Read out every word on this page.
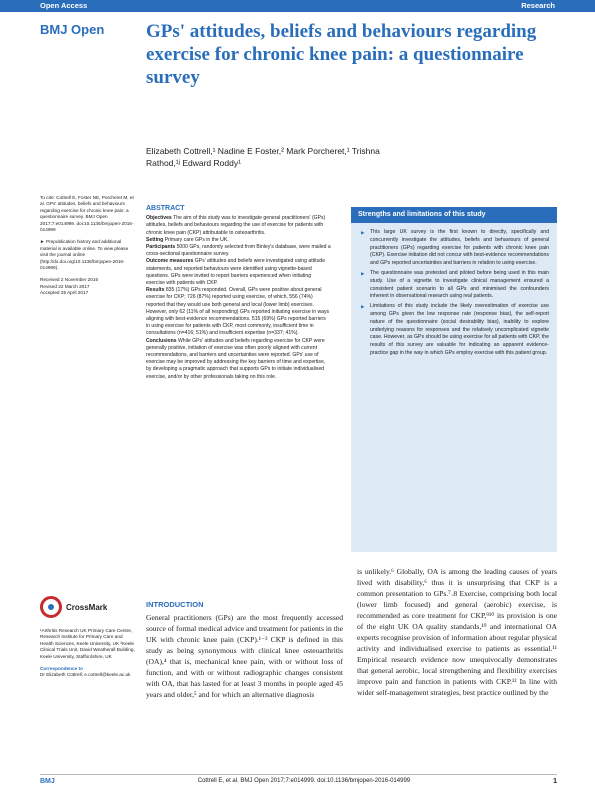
Open Access	Research
BMJ Open GPs' attitudes, beliefs and behaviours regarding exercise for chronic knee pain: a questionnaire survey
Elizabeth Cottrell,¹ Nadine E Foster,² Mark Porcheret,¹ Trishna Rathod,¹ʲ Edward Roddy¹

To cite: Cottrell E, Foster NE, Porcheret M, et al. GPs' attitudes, beliefs and behaviours regarding exercise for chronic knee pain: a questionnaire survey. BMJ Open 2017;7:e014999. doi:10.1136/bmjopen-2016-014999

► Prepublication history and additional material is available online. To view please visit the journal online (http://dx.doi.org/10.1136/bmjopen-2016-014999).

Received 2 November 2016

Revised 22 March 2017

Accepted 25 April 2017

CrossMark

¹Arthritis Research UK Primary Care Centre, Research Institute for Primary Care and Health Sciences, Keele University, UK ²Keele Clinical Trials Unit, David Weatherall Building, Keele University, Staffordshire, UK

Correspondence to

Dr Elizabeth Cottrell; e.cottrell@keele.ac.uk

ABSTRACT

Objectives The aim of this study was to investigate general practitioners' (GPs) attitudes, beliefs and behaviours regarding the use of exercise for patients with chronic knee pain (CKP) attributable to osteoarthritis.

Setting Primary care GPs in the UK.

Participants 5000 GPs, randomly selected from Binley's database, were mailed a cross-sectional questionnaire survey.

Outcome measures GPs' attitudes and beliefs were investigated using attitude statements, and reported behaviours were identified using vignette-based questions. GPs were invited to report barriers experienced when initiating exercise with patients with CKP.

Results 835 (17%) GPs responded. Overall, GPs were positive about general exercise for CKP; 726 (87%) reported using exercise, of which, 556 (74%) reported that they would use both general and local (lower limb) exercises. However, only 62 (11% of all responding) GPs reported initiating exercise in ways aligning with best-evidence recommendations. 515 (69%) GPs reported barriers in using exercise for patients with CKP, most commonly, insufficient time in consultations (n=416; 51%) and insufficient expertise (n=337; 41%).

Conclusions While GPs' attitudes and beliefs regarding exercise for CKP were generally positive, initiation of exercise was often poorly aligned with current recommendations, and barriers and uncertainties were reported. GPs' use of exercise may be improved by addressing the key barriers of time and expertise, by developing a pragmatic approach that supports GPs to initiate individualised exercise, and/or by other professionals taking on this role.

Strengths and limitations of this study
▶ This large UK survey is the first known to directly, specifically and concurrently investigate the attitudes, beliefs and behaviours of general practitioners (GPs) regarding exercise for patients with chronic knee pain (CKP). Exercise initiation did not concur with best-evidence recommendations and GPs reported uncertainties and barriers in relation to using exercise.
▶ The questionnaire was pretested and piloted before being used in this main study. Use of a vignette to investigate clinical management ensured a consistent patient scenario to all GPs and minimised the confounders inherent in observational research using real patients.
▶ Limitations of this study include the likely overestimation of exercise use among GPs given the low response rate (response bias), the self-report nature of the questionnaire (social desirability bias), inability to explore underlying reasons for responses and the relatively uncomplicated vignette case. However, as GPs should be using exercise for all patients with CKP, the results of this survey are valuable for indicating an apparent evidence-practice gap in the way in which GPs employ exercise with this patient group.
INTRODUCTION
General practitioners (GPs) are the most frequently accessed source of formal medical advice and treatment for patients in the UK with chronic knee pain (CKP).¹⁻³ CKP is defined in this study as being synonymous with clinical knee osteoarthritis (OA),⁴ that is, mechanical knee pain, with or without loss of function, and with or without radiographic changes consistent with OA, that has lasted for at least 3 months in people aged 45 years and older,⁵ and for which an alternative diagnosis
is unlikely.⁶ Globally, OA is among the leading causes of years lived with disability,⁶ thus it is unsurprising that CKP is a common presentation to GPs.⁷˒8 Exercise, comprising both local (lower limb focused) and general (aerobic) exercise, is recommended as core treatment for CKP,⁹¹⁰ its provision is one of the eight UK OA quality standards,¹⁰ and international OA experts recognise provision of information about regular physical activity and individualised exercise to patients as essential.¹¹ Empirical research evidence now unequivocally demonstrates that general aerobic, local strengthening and flexibility exercises improve pain and function in patients with CKP.¹² In line with wider self-management strategies, best practice outlined by the
BMJ	Cottrell E, et al. BMJ Open 2017;7:e014999. doi:10.1136/bmjopen-2016-014999	1
